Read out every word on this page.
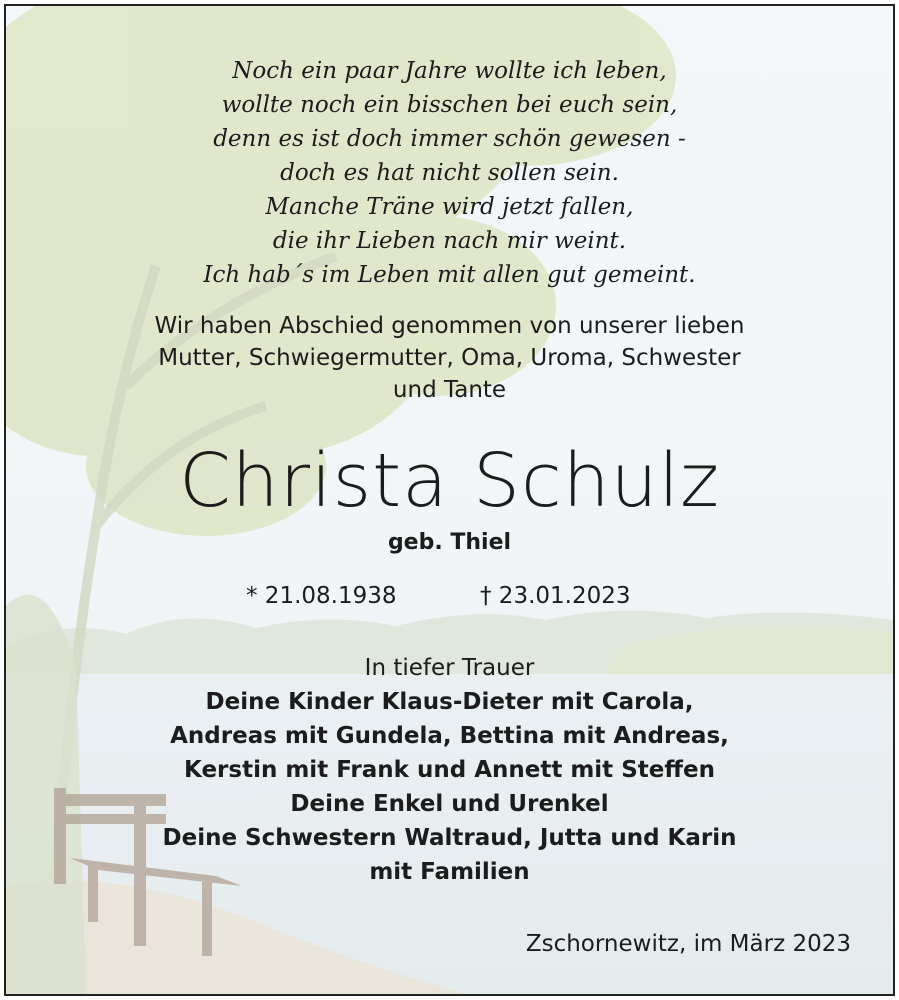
Noch ein paar Jahre wollte ich leben,
wollte noch ein bisschen bei euch sein,
denn es ist doch immer schön gewesen -
doch es hat nicht sollen sein.
Manche Träne wird jetzt fallen,
die ihr Lieben nach mir weint.
Ich hab´s im Leben mit allen gut gemeint.
Wir haben Abschied genommen von unserer lieben
Mutter, Schwiegermutter, Oma, Uroma, Schwester
und Tante
Christa Schulz
geb. Thiel
* 21.08.1938	† 23.01.2023
In tiefer Trauer
Deine Kinder Klaus-Dieter mit Carola,
Andreas mit Gundela, Bettina mit Andreas,
Kerstin mit Frank und Annett mit Steffen
Deine Enkel und Urenkel
Deine Schwestern Waltraud, Jutta und Karin
mit Familien
Zschornewitz, im März 2023
